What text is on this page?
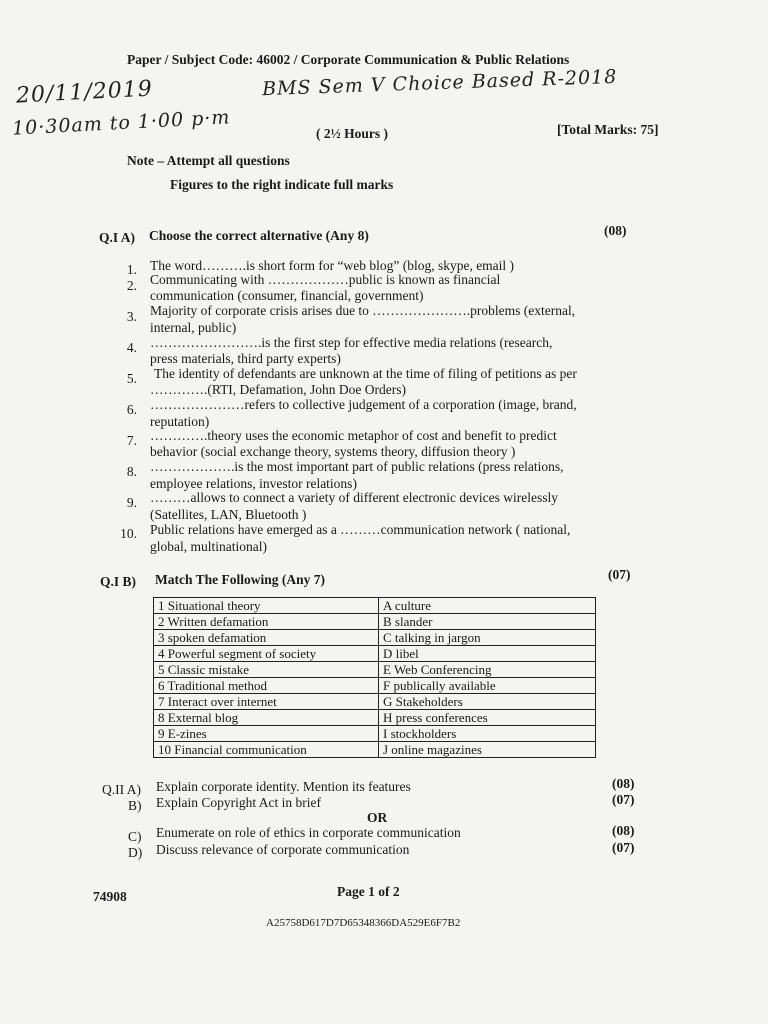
Paper / Subject Code: 46002 / Corporate Communication & Public Relations
20/11/2019	BMS Sem V Choice Based R-2018
10·30am to 1·00 p·m	( 2½ Hours )	[Total Marks: 75]
Note – Attempt all questions
Figures to the right indicate full marks
Q.I A) Choose the correct alternative (Any 8)	(08)
1. The word……….is short form for “web blog” (blog, skype, email )
2. Communicating with ………………public is known as financial
communication (consumer, financial, government)
3. Majority of corporate crisis arises due to ………………….problems (external,
internal, public)
4. …………………….is the first step for effective media relations (research,
press materials, third party experts)
5. The identity of defendants are unknown at the time of filing of petitions as per
………….(RTI, Defamation, John Doe Orders)
6. …………………refers to collective judgement of a corporation (image, brand,
reputation)
7. ………….theory uses the economic metaphor of cost and benefit to predict
behavior (social exchange theory, systems theory, diffusion theory )
8. ……………….is the most important part of public relations (press relations,
employee relations, investor relations)
9. ………allows to connect a variety of different electronic devices wirelessly
(Satellites, LAN, Bluetooth )
10. Public relations have emerged as a ………communication network ( national,
global, multinational)
Q.I B) Match The Following (Any 7)	(07)
1 Situational theory	A culture
2 Written defamation	B slander
3 spoken defamation	C talking in jargon
4 Powerful segment of society	D libel
5 Classic mistake	E Web Conferencing
6 Traditional method	F publically available
7 Interact over internet	G Stakeholders
8 External blog	H press conferences
9 E-zines	I stockholders
10 Financial communication	J online magazines
Q.II A) Explain corporate identity. Mention its features	(08)
B) Explain Copyright Act in brief	(07)
OR
C) Enumerate on role of ethics in corporate communication	(08)
D) Discuss relevance of corporate communication	(07)
74908	Page 1 of 2
A25758D617D7D65348366DA529E6F7B2
